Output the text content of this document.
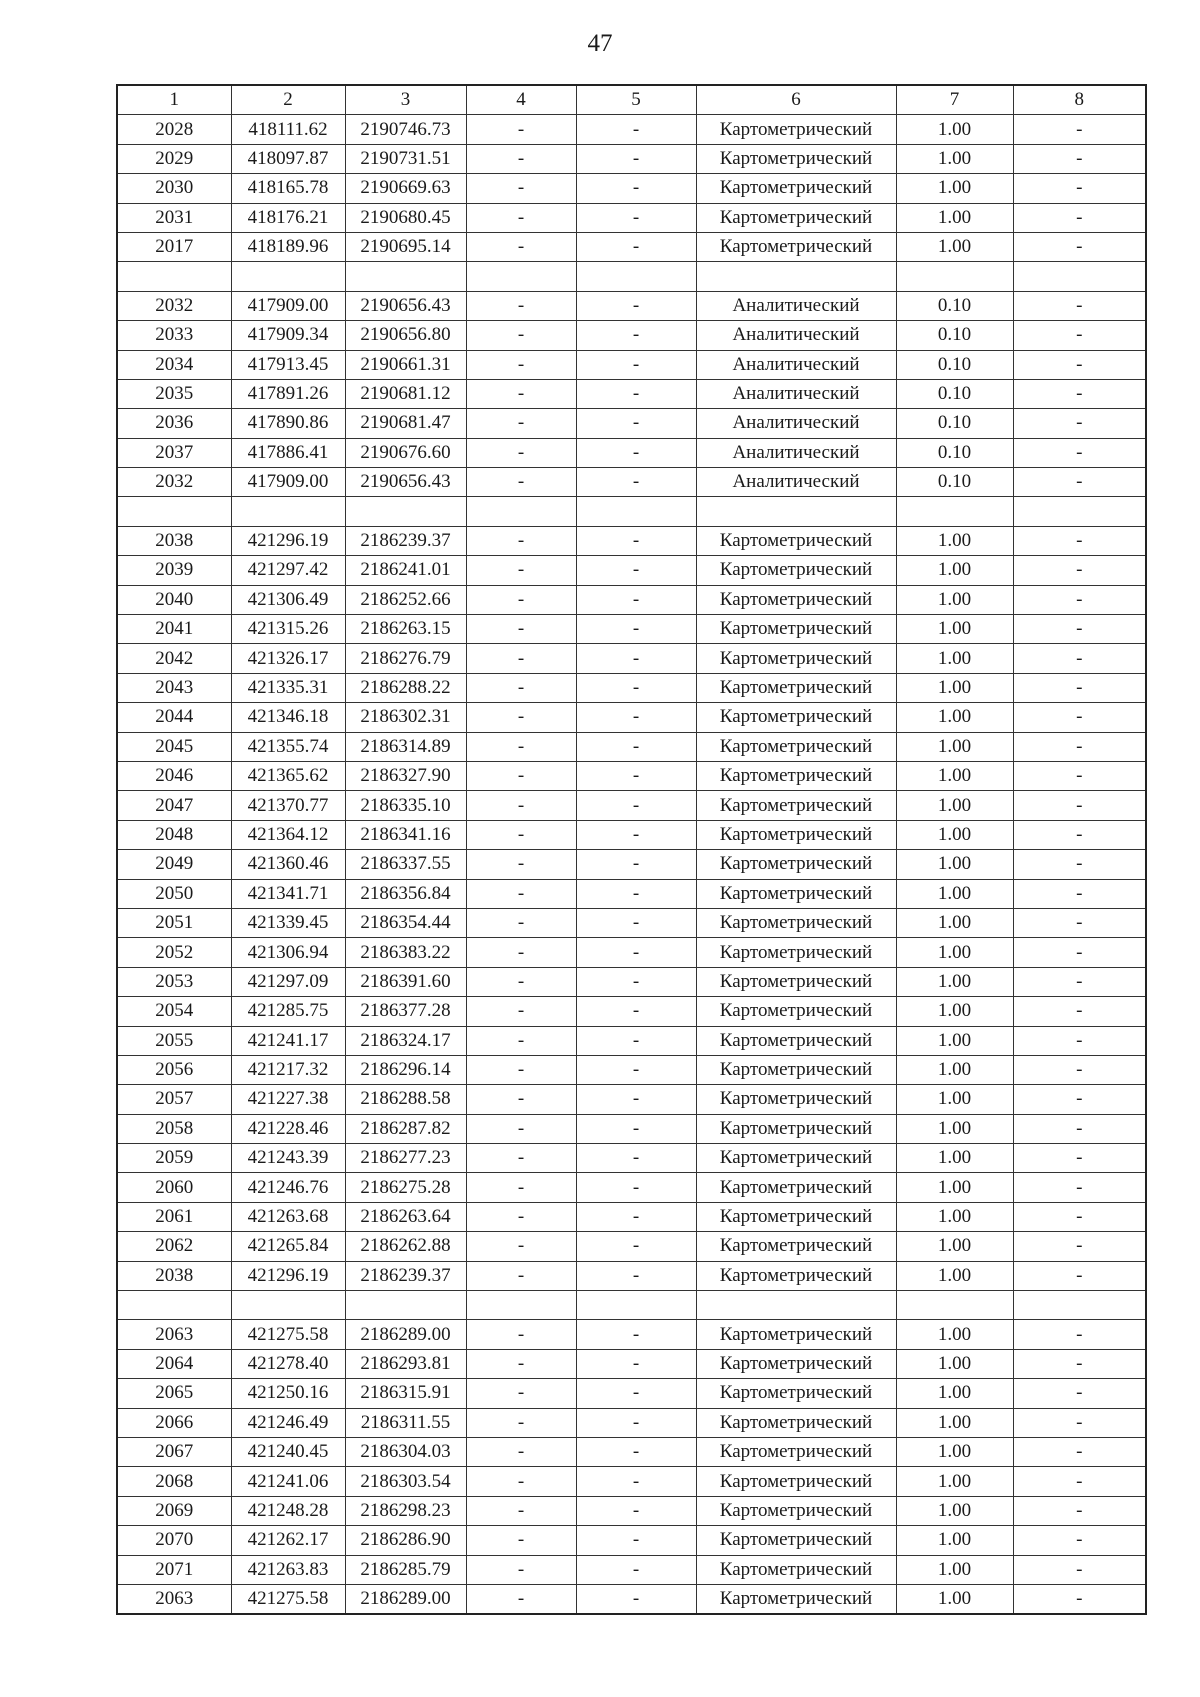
47
1	2	3	4	5	6	7	8
2028	418111.62	2190746.73	-	-	Картометрический	1.00	-
2029	418097.87	2190731.51	-	-	Картометрический	1.00	-
2030	418165.78	2190669.63	-	-	Картометрический	1.00	-
2031	418176.21	2190680.45	-	-	Картометрический	1.00	-
2017	418189.96	2190695.14	-	-	Картометрический	1.00	-

2032	417909.00	2190656.43	-	-	Аналитический	0.10	-
2033	417909.34	2190656.80	-	-	Аналитический	0.10	-
2034	417913.45	2190661.31	-	-	Аналитический	0.10	-
2035	417891.26	2190681.12	-	-	Аналитический	0.10	-
2036	417890.86	2190681.47	-	-	Аналитический	0.10	-
2037	417886.41	2190676.60	-	-	Аналитический	0.10	-
2032	417909.00	2190656.43	-	-	Аналитический	0.10	-

2038	421296.19	2186239.37	-	-	Картометрический	1.00	-
2039	421297.42	2186241.01	-	-	Картометрический	1.00	-
2040	421306.49	2186252.66	-	-	Картометрический	1.00	-
2041	421315.26	2186263.15	-	-	Картометрический	1.00	-
2042	421326.17	2186276.79	-	-	Картометрический	1.00	-
2043	421335.31	2186288.22	-	-	Картометрический	1.00	-
2044	421346.18	2186302.31	-	-	Картометрический	1.00	-
2045	421355.74	2186314.89	-	-	Картометрический	1.00	-
2046	421365.62	2186327.90	-	-	Картометрический	1.00	-
2047	421370.77	2186335.10	-	-	Картометрический	1.00	-
2048	421364.12	2186341.16	-	-	Картометрический	1.00	-
2049	421360.46	2186337.55	-	-	Картометрический	1.00	-
2050	421341.71	2186356.84	-	-	Картометрический	1.00	-
2051	421339.45	2186354.44	-	-	Картометрический	1.00	-
2052	421306.94	2186383.22	-	-	Картометрический	1.00	-
2053	421297.09	2186391.60	-	-	Картометрический	1.00	-
2054	421285.75	2186377.28	-	-	Картометрический	1.00	-
2055	421241.17	2186324.17	-	-	Картометрический	1.00	-
2056	421217.32	2186296.14	-	-	Картометрический	1.00	-
2057	421227.38	2186288.58	-	-	Картометрический	1.00	-
2058	421228.46	2186287.82	-	-	Картометрический	1.00	-
2059	421243.39	2186277.23	-	-	Картометрический	1.00	-
2060	421246.76	2186275.28	-	-	Картометрический	1.00	-
2061	421263.68	2186263.64	-	-	Картометрический	1.00	-
2062	421265.84	2186262.88	-	-	Картометрический	1.00	-
2038	421296.19	2186239.37	-	-	Картометрический	1.00	-

2063	421275.58	2186289.00	-	-	Картометрический	1.00	-
2064	421278.40	2186293.81	-	-	Картометрический	1.00	-
2065	421250.16	2186315.91	-	-	Картометрический	1.00	-
2066	421246.49	2186311.55	-	-	Картометрический	1.00	-
2067	421240.45	2186304.03	-	-	Картометрический	1.00	-
2068	421241.06	2186303.54	-	-	Картометрический	1.00	-
2069	421248.28	2186298.23	-	-	Картометрический	1.00	-
2070	421262.17	2186286.90	-	-	Картометрический	1.00	-
2071	421263.83	2186285.79	-	-	Картометрический	1.00	-
2063	421275.58	2186289.00	-	-	Картометрический	1.00	-
